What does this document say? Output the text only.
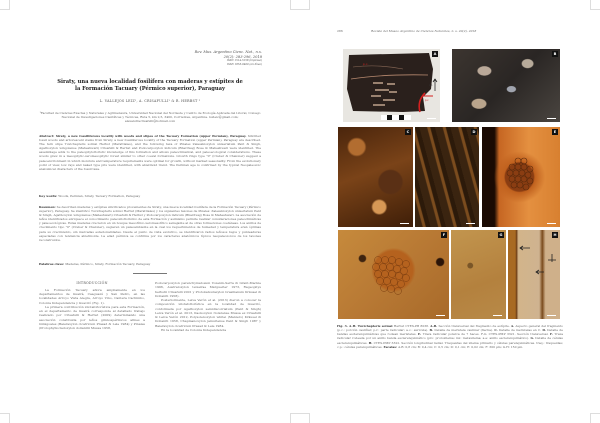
Rev. Mus. Argentino Cienc. Nat., n.s.
20(2): 283-296, 2018
ISSN 1514-5158 (impresa)
ISSN 1853-0400 (en línea)
Siraty, una nueva localidad fosilífera con maderas y estípites de
la Formación Tacuary (Pérmico superior), Paraguay
L. VALLEJOS LEIZ¹, A. CRISAFULLI¹ & R. HERBST ²
¹Facultad de Ciencias Exactas y Naturales y Agrimensura, Universidad Nacional del Nordeste y Centro de Ecología Aplicada del Litoral, Consejo Nacional de Investigaciones Científicas y Técnicas, Ruta 5, km 2,5, 3400, Corrientes, Argentina. luzleiz@gmail.com; alexandracrisafulli@hotmail.com
Abstract: Siraty, a new fossiliferous locality with woods and stipes of the Tacuary Formation (upper Permian), Paraguay. Silicified fossil woods and arborescent stems from Siraty, a new fossiliferous locality of the Tacuary Formation (upper Permian), Paraguay are described. The fern stipe Tuvichapteris solmsi Herbst (Marattiales), and the following taxa of Pinales Zalesskioxylon uniseriatum Pant & Singh, Agathoxylon wingolense (Maheshwari) Crisafulli & Herbst and Podocarpoxylon indicum (Bhardwaj) Bose & Maheshwari were identified. The assemblage adds to the paleophytofloristic knowledge of this formation and allows paleoclimatical, and paleoecological considerations. These woods grew in a mesophytic-xeromesophytic forest similar to other coeval formations. Growth rings type "0" (Creber & Chaloner) suggest a paleoenvironment in which moisture and temperature requirements were optimal for growth, without marked seasonality. From the evolutionary point of view, low rays and naked type pits were identified, with abietinoid trend. The Permian age is confirmed by the typical Neopaleozoic anatomical characters of the fossil taxa.
Key words: Woods, Permian, Siraty, Tacuary Formation, Paraguay
Resumen: Se describen maderas y estípites silicificados provenientes de Siraty, una nueva localidad fosilífera de la Formación Tacuary (Pérmico superior), Paraguay. Se identificó Tuvichapteris solmsi Herbst (Marattiales) y los siguientes taxones de Pinales: Zalesskioxylon uniseriatum Pant & Singh, Agathoxylon wingolense (Maheshwari) Crisafulli & Herbst y Podocarpoxylon indicum (Bhardwaj) Bose & Maheshwari. La asociación de leños identificados enriquece el conocimiento paleoxilofloristico de esta Formación y asimismo permite realizar consideraciones paleoclimáticas y paleoecológicas. Estas maderas crecieron en un bosque mesofítico-xeromesofítico semejante al de otras formaciones coetáneas. Los anillos de crecimiento tipo "0" (Creber & Chaloner), sugieren un paleoambiente en la cual los requerimientos de humedad y temperatura eran óptimas para su crecimiento, sin marcadas estacionalidades. Desde el punto de vista evolutivo, se identificaron radios leñosos bajos y punteaduras espaciadas con tendencia abietinoide. La edad pérmica se confirma por los caracteres anatómicos típicos neopaleozoicos de los taxones reconstruidos.
Palabras clave: Maderas, Pérmico, Siraty, Formación Tacuary, Paraguay
INTRODUCCIÓN

La Formación Tacuary aflora ampliamente en los departamentos de Guairá, Caaguazú y San Pedro, en las localidades Arroyo Vista Alegre, Arroyo Vino, Cantera Cachimbo, Colonia Independencia y Guaviró (Fig. 1).

La primera contribución xilotafoflorística para esta Formación, en el departamento de Guairá corresponde al detallado trabajo realizado por Crisafulli & Herbst (2009) determinando una asociación constituida por leños gimnospérmicos afines a Ginkgoales (Baieraxylon cicatricum Prasad & Lele 1984) y Pinales (Protophyllocladoxylon dolianitii Mussa 1958,

Podocarpoxylon parenchymatosum Vozenin-Serra & Grant-Mackie 1996, Australoxylon teixeirae Marguerier 1973, Rageopitys herbstii Crisafulli 2001 y Protokatsuraxylon brasilianum Kräusel & Dolianiti 1958).

Posteriormente, Leiva Verón et al. (2013) dieron a conocer la composición xilotafoflorística en la localidad de Guaviró, conformada por Agathoxylon semidiscoiriatum (Pant & Singh) Leiva Verón et al. 2013, Kaokoxylon riolarense Mussa ex Crisafulli & Leiva Verón 2012, Polysolenoxylon whitei (Maniero) Kräusel & Dolianiti 1958, Chapmanoxylon jamuriense Pant & Singh 1987 y Baieraxylon cicatricum Prasad & Lele 1984.

En la localidad de Colonia Independencia

286	Revista del Museo Argentino de Ciencias Naturales, n. s. 20(2), 2018
p.c.
p.r.
a.c.
A	B
C	D	E
F	G	H
Fig. 3. A-H. Tuvichapteris solmsi Herbst CTES-PB 8038. A-B. Sección transversal del fragmento de estípite. A. Aspecto general del fragmento (p.c.: porción cauliñar; p.r.: parte radicular; a.c.: auricula). B. Detalle de meristela caulinar (flecha). C. Detalle de meristelas en C. D. Detalle de bandas esclerenquimáticas que rodean meristelas. E. Traza radicular polarca de 7 haces. F-G. CTES-PMP 3321. Sección transversal. F. Traza radicular rodeada por un anillo banda esclerenquimático (pro: protoxilema; mx: metaxilema; a.e: anillo esclerenquimático). G. Detalle de células esclerenquimáticas. H. CTES-PMP 3322. Sección longitudinal radial. Traqueidas del xilema primario y células parenquimáticas. traq.: traqueidas; c.p.: células parenquimáticas. Escalas: A-B: 0,8 cm; B: 0,4 cm; C: 0,5 cm; D: 0,1 cm; E: 0,02 cm; F: 300 µm; G-H: 150 µm.
